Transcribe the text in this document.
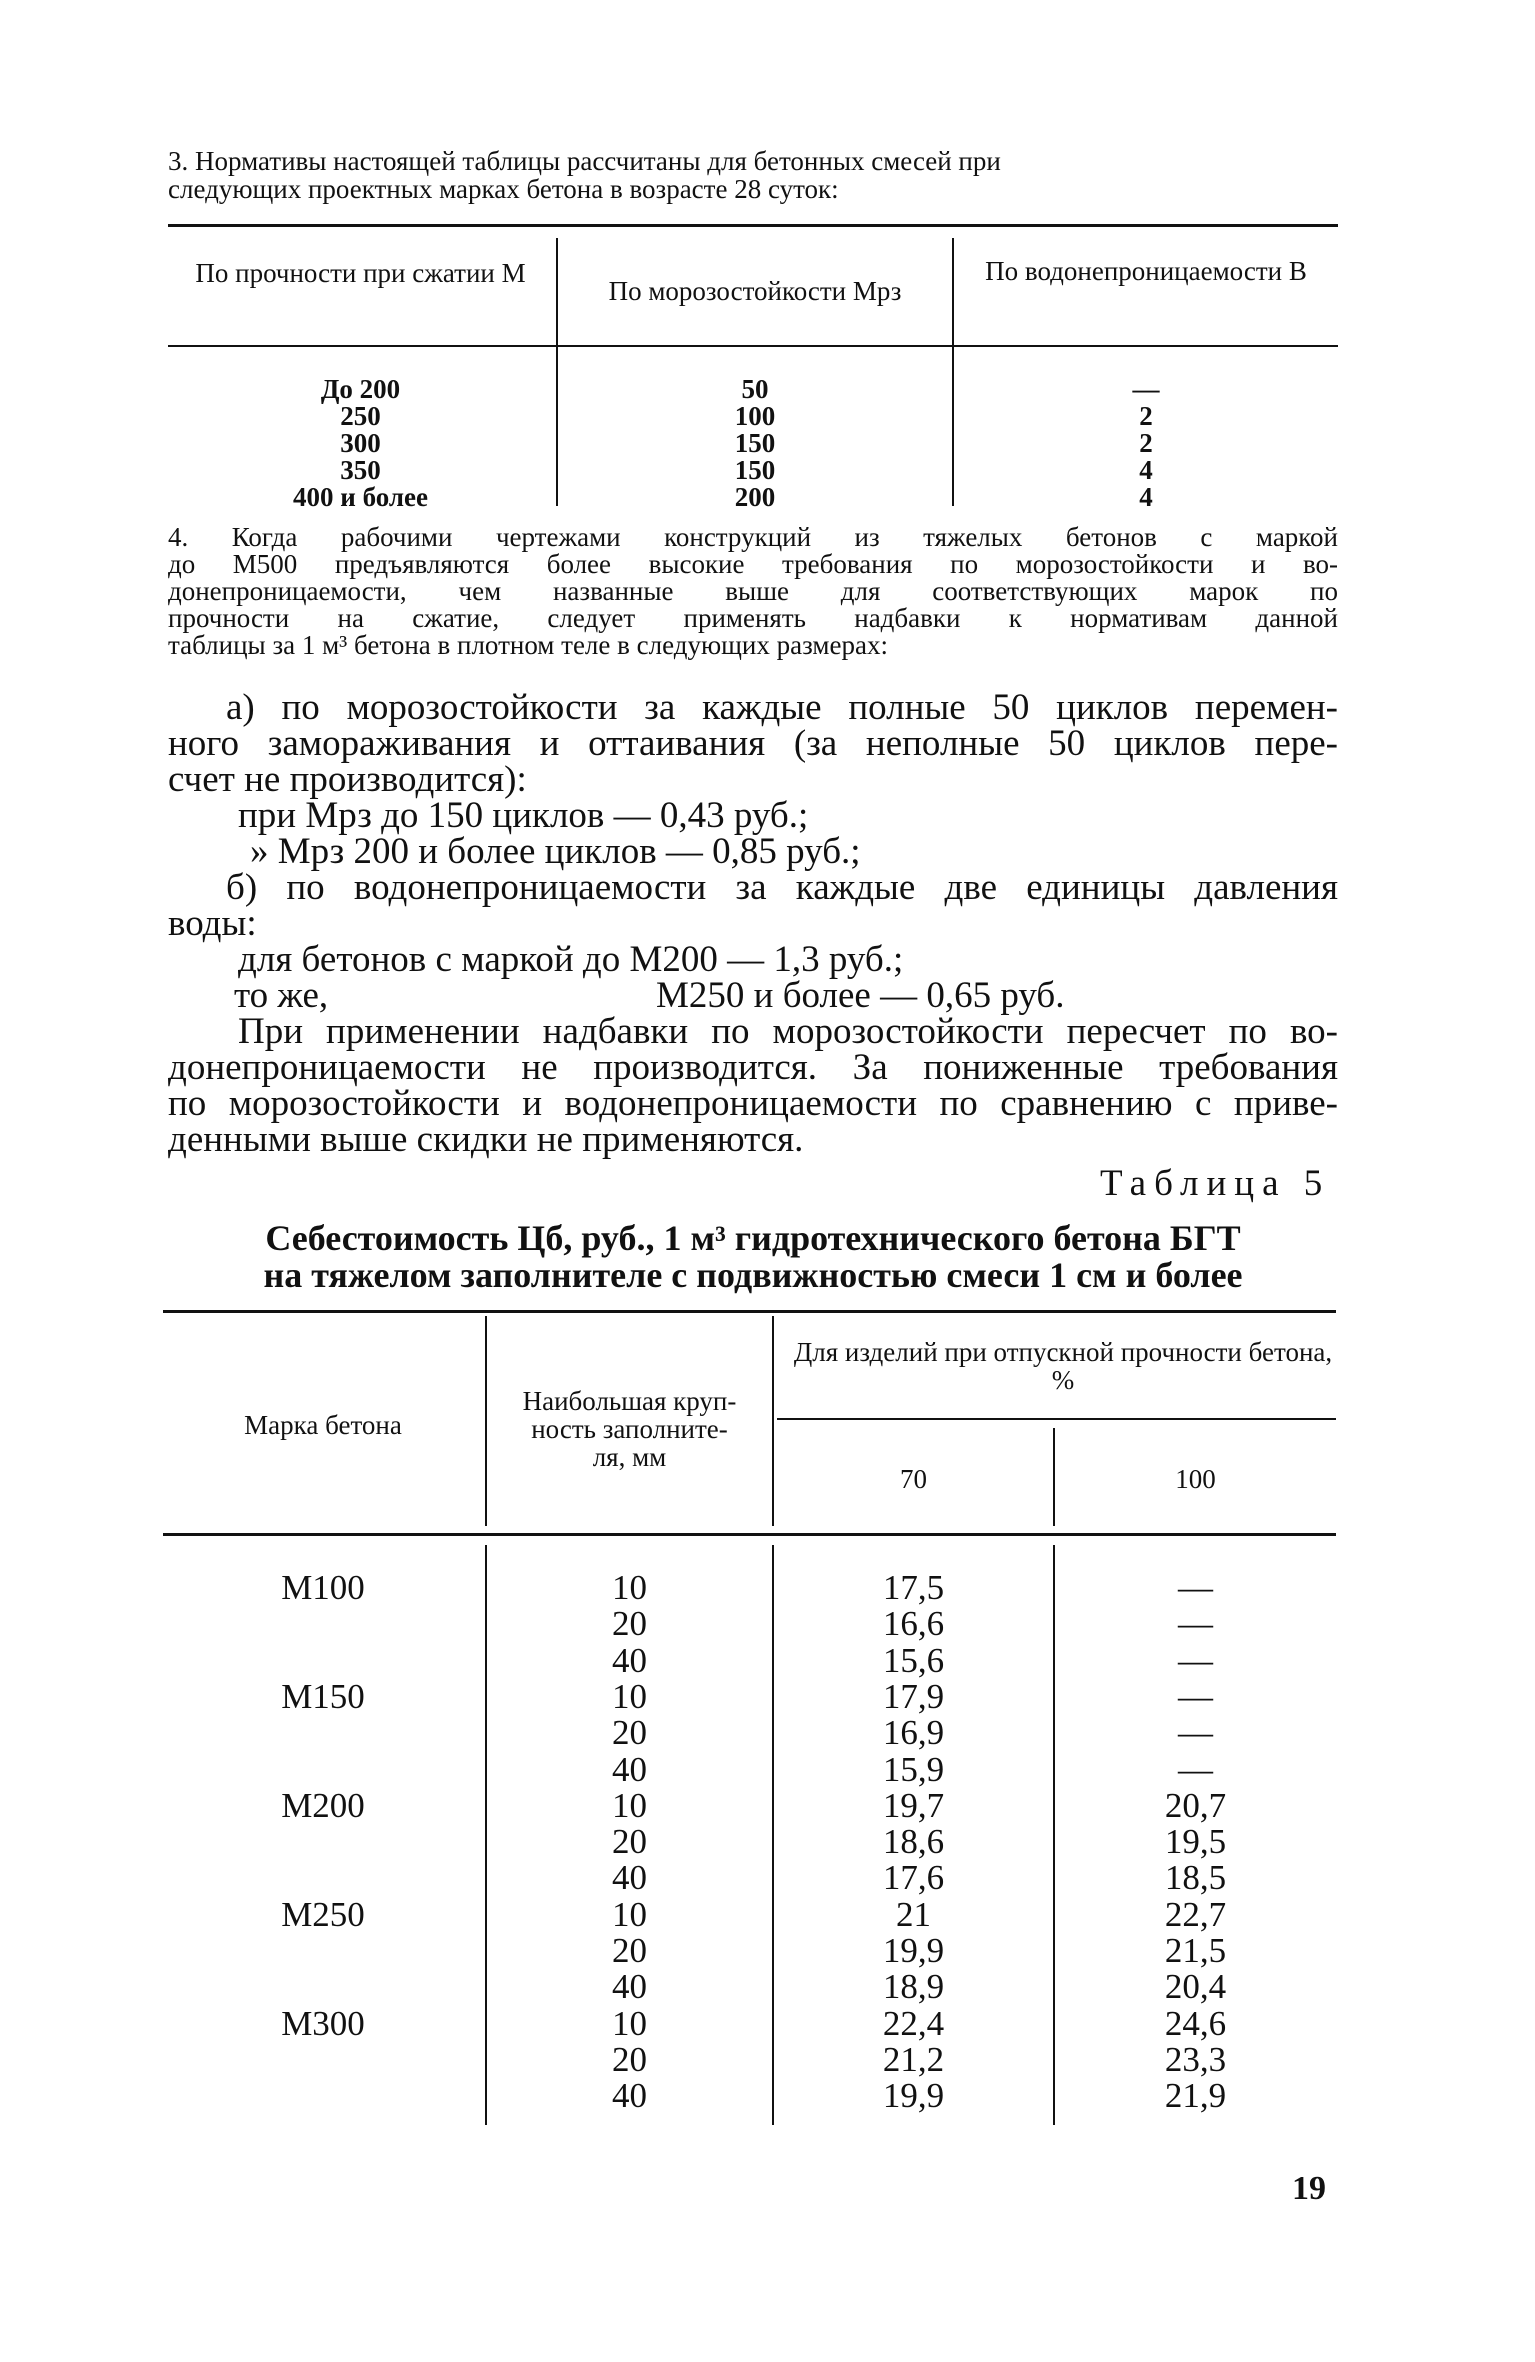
3. Нормативы настоящей таблицы рассчитаны для бетонных смесей при
следующих проектных марках бетона в возрасте 28 суток:
По прочности при сжатии М
По морозостойкости Мрз
По водонепроницаемости В
До 200
250
300
350
400 и более
50
100
150
150
200
—
2
2
4
4
4. Когда рабочими чертежами конструкций из тяжелых бетонов с маркой
до М500 предъявляются более высокие требования по морозостойкости и во-
донепроницаемости, чем названные выше для соответствующих марок по
прочности на сжатие, следует применять надбавки к нормативам данной
таблицы за 1 м³ бетона в плотном теле в следующих размерах:
а) по морозостойкости за каждые полные 50 циклов перемен-
ного замораживания и оттаивания (за неполные 50 циклов пере-
счет не производится):
при Мрз до 150 циклов — 0,43 руб.;
» Мрз 200 и более циклов — 0,85 руб.;
б) по водонепроницаемости за каждые две единицы давления
воды:
для бетонов с маркой до М200 — 1,3 руб.;
то же,	М250 и более — 0,65 руб.
При применении надбавки по морозостойкости пересчет по во-
донепроницаемости не производится. За пониженные требования
по морозостойкости и водонепроницаемости по сравнению с приве-
денными выше скидки не применяются.
Таблица 5
Себестоимость Цб, руб., 1 м³ гидротехнического бетона БГТ
на тяжелом заполнителе с подвижностью смеси 1 см и более
Марка бетона
Наибольшая круп-
ность заполните-
ля, мм
Для изделий при отпускной прочности бетона, %
70	100
19
М100
М150
М200
М250
М300
10
20
40
10
20
40
10
20
40
10
20
40
10
20
40
17,5
16,6
15,6
17,9
16,9
15,9
19,7
18,6
17,6
21
19,9
18,9
22,4
21,2
19,9
—
—
—
—
—
—
20,7
19,5
18,5
22,7
21,5
20,4
24,6
23,3
21,9
